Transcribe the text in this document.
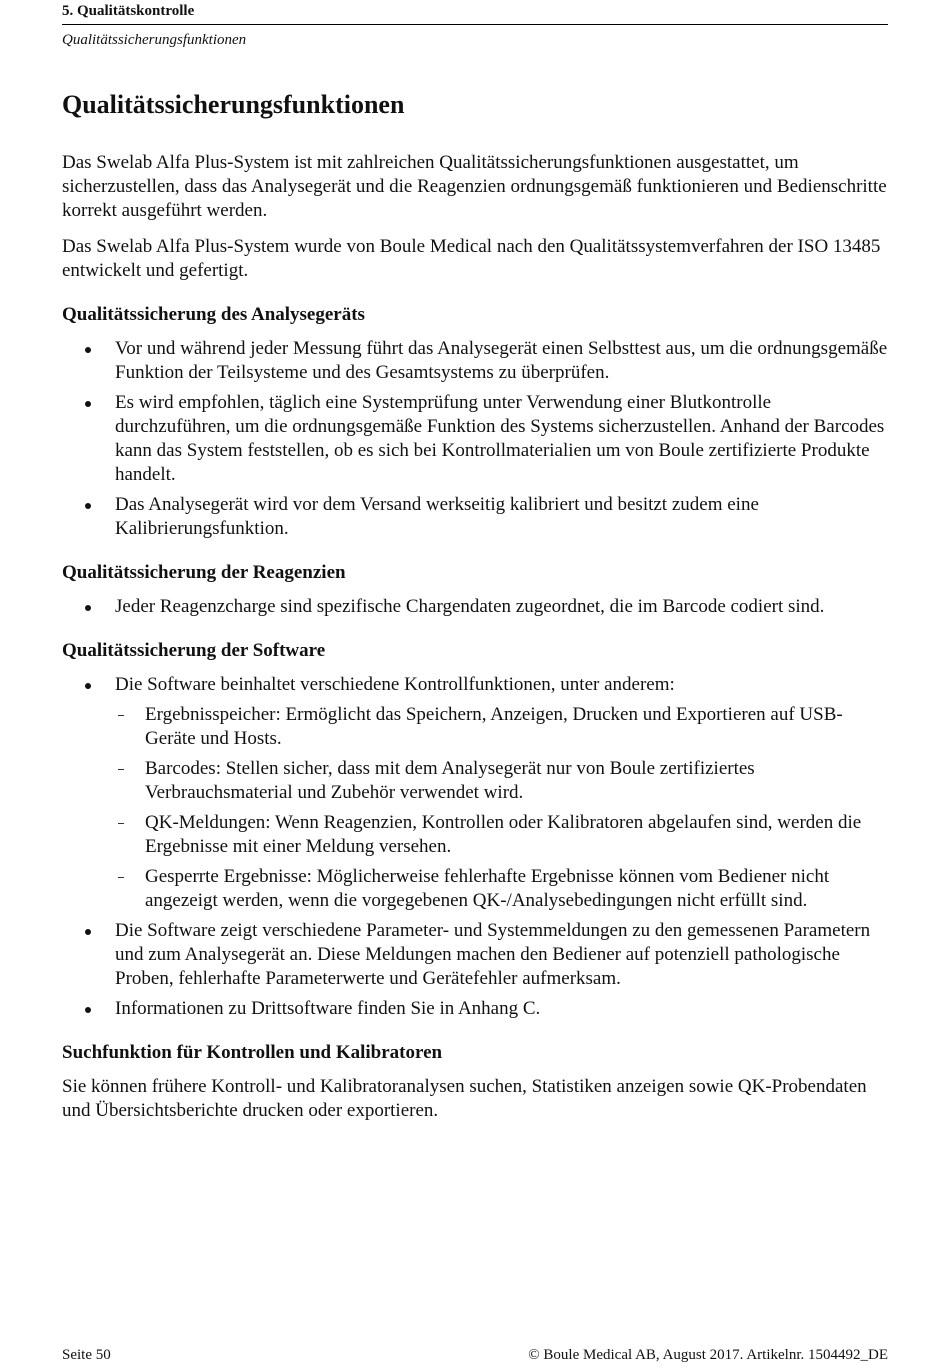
5. Qualitätskontrolle
Qualitätssicherungsfunktionen
Qualitätssicherungsfunktionen

Das Swelab Alfa Plus-System ist mit zahlreichen Qualitätssicherungsfunktionen ausgestattet, um sicherzustellen, dass das Analysegerät und die Reagenzien ordnungsgemäß funktionieren und Bedienschritte korrekt ausgeführt werden.

Das Swelab Alfa Plus-System wurde von Boule Medical nach den Qualitätssystemverfahren der ISO 13485 entwickelt und gefertigt.

Qualitätssicherung des Analysegeräts
Vor und während jeder Messung führt das Analysegerät einen Selbsttest aus, um die ordnungsgemäße Funktion der Teilsysteme und des Gesamtsystems zu überprüfen.
Es wird empfohlen, täglich eine Systemprüfung unter Verwendung einer Blutkontrolle durchzuführen, um die ordnungsgemäße Funktion des Systems sicherzustellen. Anhand der Barcodes kann das System feststellen, ob es sich bei Kontrollmaterialien um von Boule zertifizierte Produkte handelt.
Das Analysegerät wird vor dem Versand werkseitig kalibriert und besitzt zudem eine Kalibrierungsfunktion.
Qualitätssicherung der Reagenzien
Jeder Reagenzcharge sind spezifische Chargendaten zugeordnet, die im Barcode codiert sind.
Qualitätssicherung der Software
Die Software beinhaltet verschiedene Kontrollfunktionen, unter anderem:
Ergebnisspeicher: Ermöglicht das Speichern, Anzeigen, Drucken und Exportieren auf USB-Geräte und Hosts.
Barcodes: Stellen sicher, dass mit dem Analysegerät nur von Boule zertifiziertes Verbrauchsmaterial und Zubehör verwendet wird.
QK-Meldungen: Wenn Reagenzien, Kontrollen oder Kalibratoren abgelaufen sind, werden die Ergebnisse mit einer Meldung versehen.
Gesperrte Ergebnisse: Möglicherweise fehlerhafte Ergebnisse können vom Bediener nicht angezeigt werden, wenn die vorgegebenen QK-/Analysebedingungen nicht erfüllt sind.
Die Software zeigt verschiedene Parameter- und Systemmeldungen zu den gemessenen Parametern und zum Analysegerät an. Diese Meldungen machen den Bediener auf potenziell pathologische Proben, fehlerhafte Parameterwerte und Gerätefehler aufmerksam.
Informationen zu Drittsoftware finden Sie in Anhang C.
Suchfunktion für Kontrollen und Kalibratoren

Sie können frühere Kontroll- und Kalibratoranalysen suchen, Statistiken anzeigen sowie QK-Probendaten und Übersichtsberichte drucken oder exportieren.

Seite 50	© Boule Medical AB, August 2017. Artikelnr. 1504492_DE
